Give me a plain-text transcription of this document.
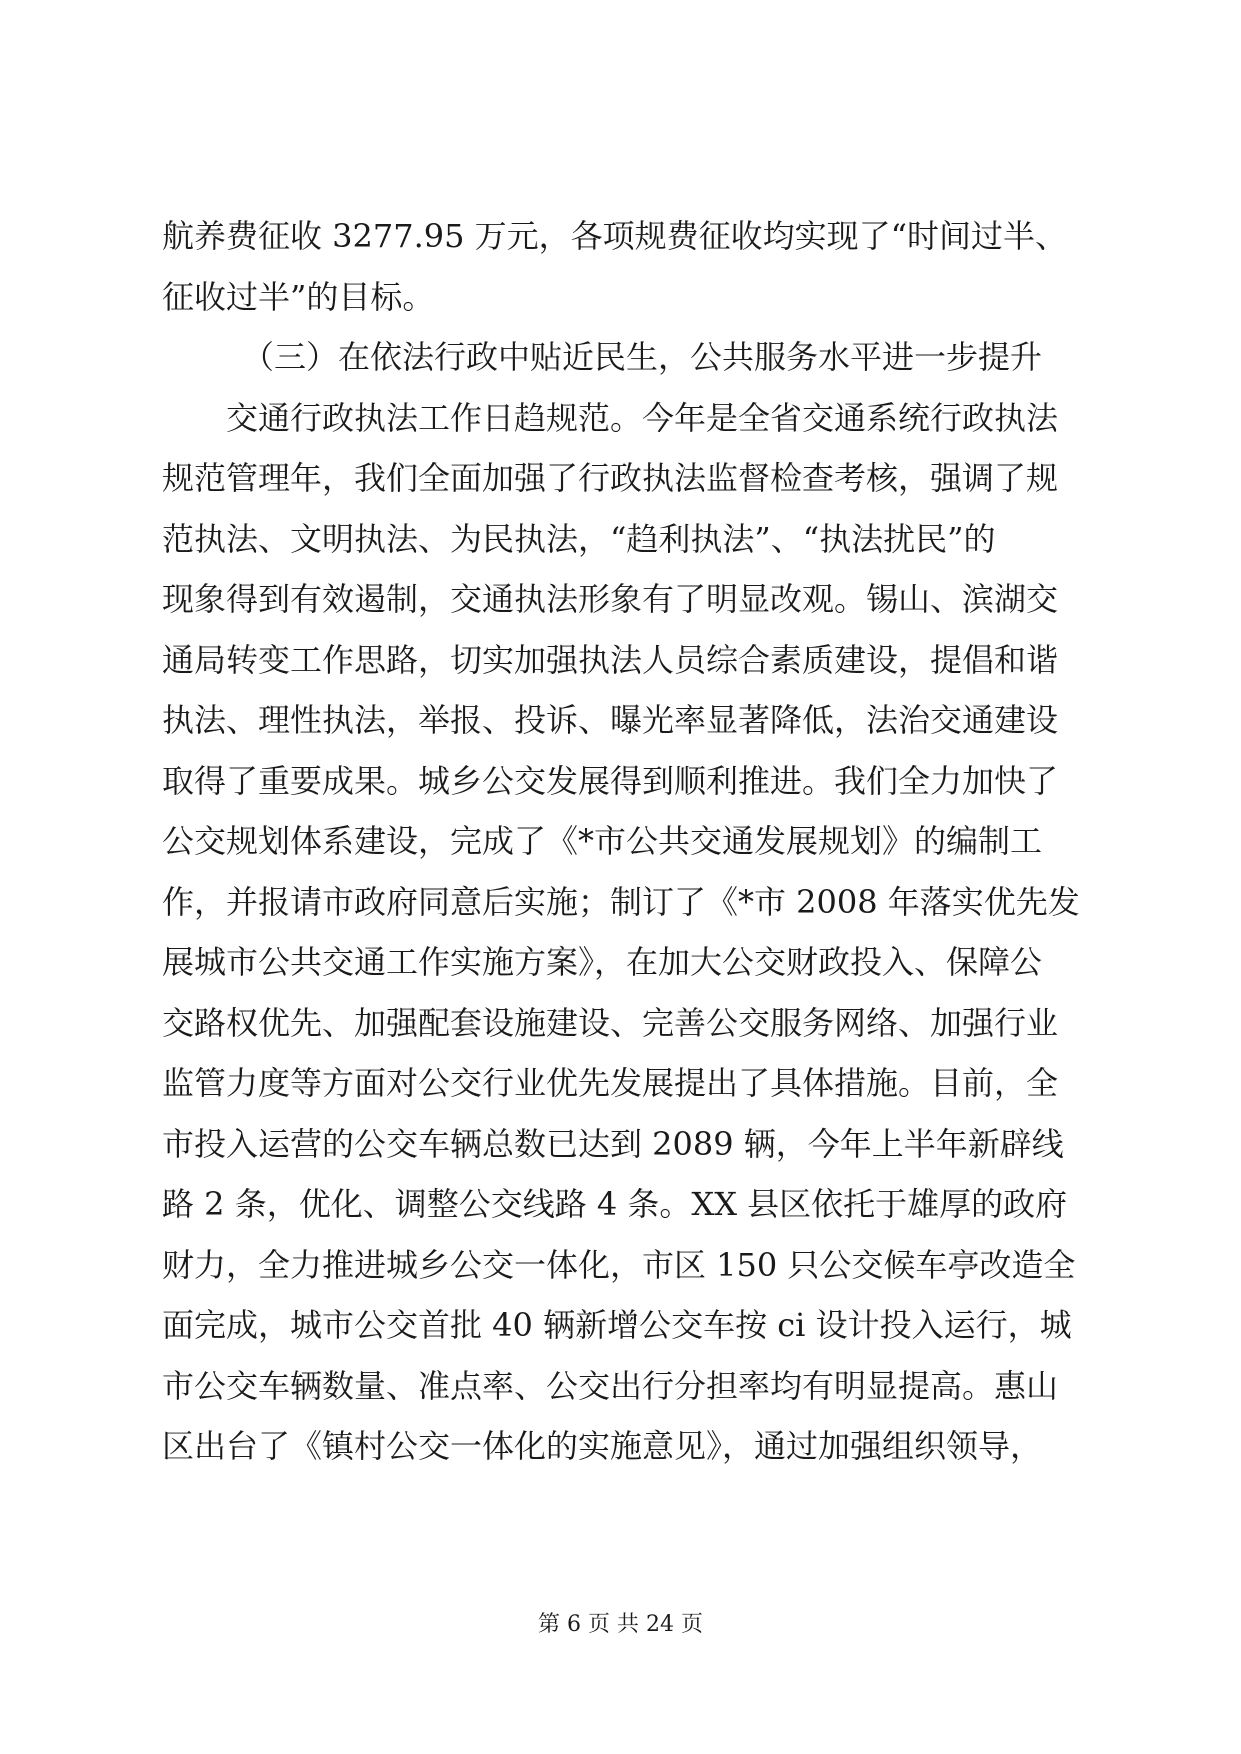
航养费征收 3277.95 万元，各项规费征收均实现了“时间过半、
征收过半”的目标。
（三）在依法行政中贴近民生，公共服务水平进一步提升
交通行政执法工作日趋规范。今年是全省交通系统行政执法
规范管理年，我们全面加强了行政执法监督检查考核，强调了规
范执法、文明执法、为民执法，“趋利执法”、“执法扰民”的
现象得到有效遏制，交通执法形象有了明显改观。锡山、滨湖交
通局转变工作思路，切实加强执法人员综合素质建设，提倡和谐
执法、理性执法，举报、投诉、曝光率显著降低，法治交通建设
取得了重要成果。城乡公交发展得到顺利推进。我们全力加快了
公交规划体系建设，完成了《*市公共交通发展规划》的编制工
作，并报请市政府同意后实施；制订了《*市 2008 年落实优先发
展城市公共交通工作实施方案》，在加大公交财政投入、保障公
交路权优先、加强配套设施建设、完善公交服务网络、加强行业
监管力度等方面对公交行业优先发展提出了具体措施。目前，全
市投入运营的公交车辆总数已达到 2089 辆，今年上半年新辟线
路 2 条，优化、调整公交线路 4 条。XX 县区依托于雄厚的政府
财力，全力推进城乡公交一体化，市区 150 只公交候车亭改造全
面完成，城市公交首批 40 辆新增公交车按 ci 设计投入运行，城
市公交车辆数量、准点率、公交出行分担率均有明显提高。惠山
区出台了《镇村公交一体化的实施意见》，通过加强组织领导，
第 6 页 共 24 页
